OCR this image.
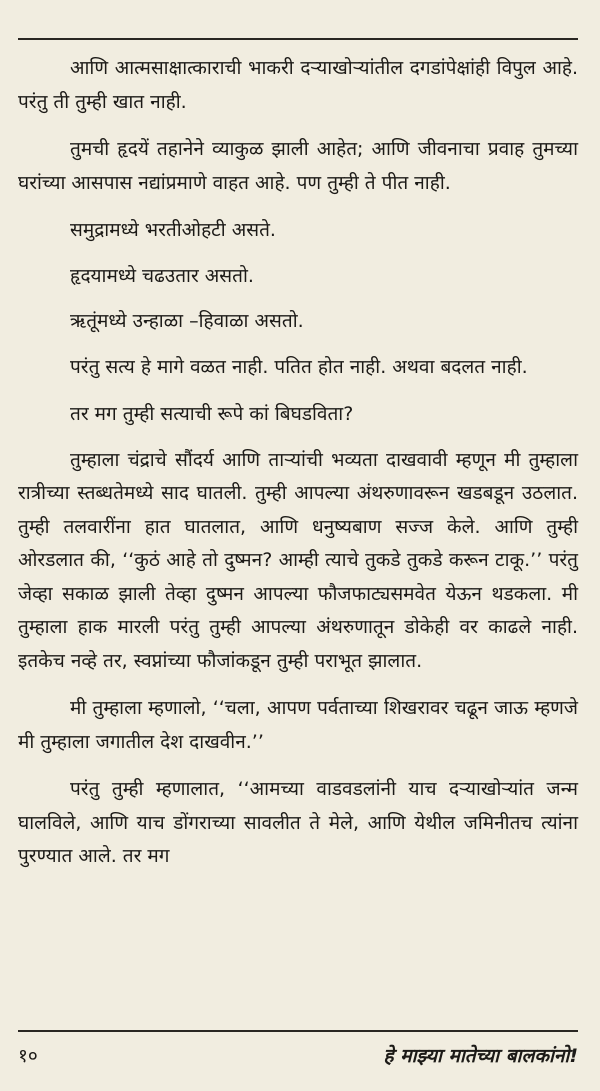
आणि आत्मसाक्षात्काराची भाकरी दऱ्याखोऱ्यांतील दगडांपेक्षांही विपुल आहे. परंतु ती तुम्ही खात नाही.

तुमची हृदयें तहानेने व्याकुळ झाली आहेत; आणि जीवनाचा प्रवाह तुमच्या घरांच्या आसपास नद्यांप्रमाणे वाहत आहे. पण तुम्ही ते पीत नाही.

समुद्रामध्ये भरतीओहटी असते.

हृदयामध्ये चढउतार असतो.

ऋतूंमध्ये उन्हाळा –हिवाळा असतो.

परंतु सत्य हे मागे वळत नाही. पतित होत नाही. अथवा बदलत नाही.

तर मग तुम्ही सत्याची रूपे कां बिघडविता?

तुम्हाला चंद्राचे सौंदर्य आणि ताऱ्यांची भव्यता दाखवावी म्हणून मी तुम्हाला रात्रीच्या स्तब्धतेमध्ये साद घातली. तुम्ही आपल्या अंथरुणावरून खडबडून उठलात. तुम्ही तलवारींना हात घातलात, आणि धनुष्यबाण सज्ज केले. आणि तुम्ही ओरडलात की, ‘‘कुठं आहे तो दुष्मन? आम्ही त्याचे तुकडे तुकडे करून टाकू.’’ परंतु जेव्हा सकाळ झाली तेव्हा दुष्मन आपल्या फौजफाट्यसमवेत येऊन थडकला. मी तुम्हाला हाक मारली परंतु तुम्ही आपल्या अंथरुणातून डोकेही वर काढले नाही. इतकेच नव्हे तर, स्वप्नांच्या फौजांकडून तुम्ही पराभूत झालात.

मी तुम्हाला म्हणालो, ‘‘चला, आपण पर्वताच्या शिखरावर चढून जाऊ म्हणजे मी तुम्हाला जगातील देश दाखवीन.’’

परंतु तुम्ही म्हणालात, ‘‘आमच्या वाडवडलांनी याच दऱ्याखोऱ्यांत जन्म घालविले, आणि याच डोंगराच्या सावलीत ते मेले, आणि येथील जमिनीतच त्यांना पुरण्यात आले. तर मग

१०	हे माझ्या मातेच्या बालकांनो!
